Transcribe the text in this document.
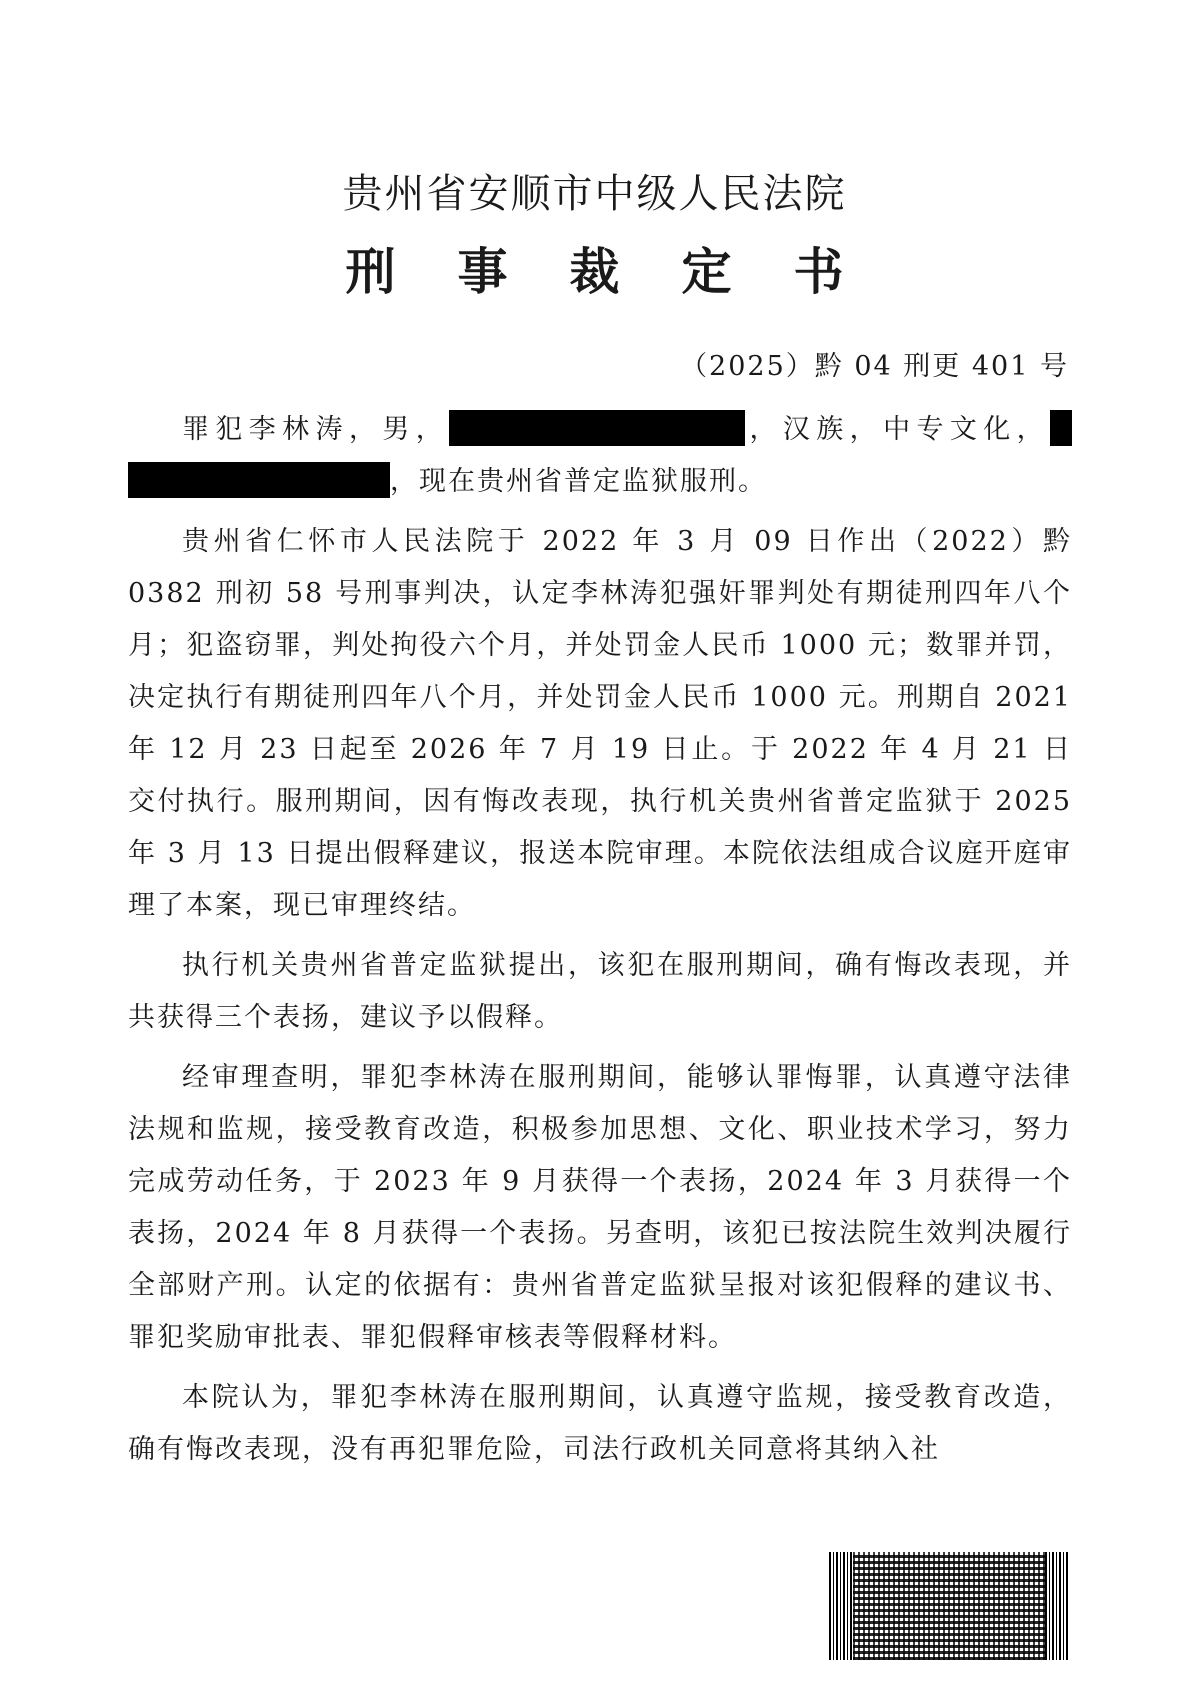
贵州省安顺市中级人民法院
刑事裁定书
（2025）黔 04 刑更 401 号

罪犯李林涛，男，	，汉族，中专文化，，现在贵州省普定监狱服刑。

贵州省仁怀市人民法院于 2022 年 3 月 09 日作出（2022）黔 0382 刑初 58 号刑事判决，认定李林涛犯强奸罪判处有期徒刑四年八个月；犯盗窃罪，判处拘役六个月，并处罚金人民币 1000 元；数罪并罚，决定执行有期徒刑四年八个月，并处罚金人民币 1000 元。刑期自 2021 年 12 月 23 日起至 2026 年 7 月 19 日止。于 2022 年 4 月 21 日交付执行。服刑期间，因有悔改表现，执行机关贵州省普定监狱于 2025 年 3 月 13 日提出假释建议，报送本院审理。本院依法组成合议庭开庭审理了本案，现已审理终结。

执行机关贵州省普定监狱提出，该犯在服刑期间，确有悔改表现，并共获得三个表扬，建议予以假释。

经审理查明，罪犯李林涛在服刑期间，能够认罪悔罪，认真遵守法律法规和监规，接受教育改造，积极参加思想、文化、职业技术学习，努力完成劳动任务，于 2023 年 9 月获得一个表扬，2024 年 3 月获得一个表扬，2024 年 8 月获得一个表扬。另查明，该犯已按法院生效判决履行全部财产刑。认定的依据有：贵州省普定监狱呈报对该犯假释的建议书、罪犯奖励审批表、罪犯假释审核表等假释材料。

本院认为，罪犯李林涛在服刑期间，认真遵守监规，接受教育改造，确有悔改表现，没有再犯罪危险，司法行政机关同意将其纳入社
